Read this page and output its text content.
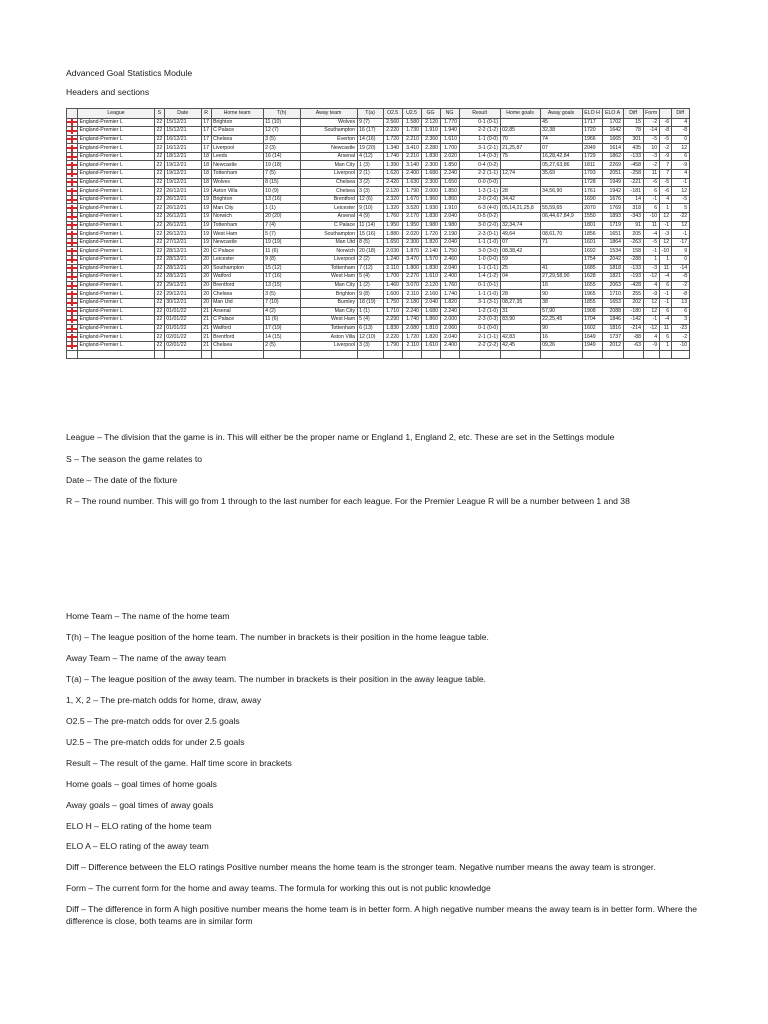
Advanced Goal Statistics Module
Headers and sections
	League	S	Date	R	Home team	T(h)	Away team	T(a)	O2.5	U2.5	GG	NG	Result	Home goals	Away goals	ELO H	ELO A	Diff	Form		Diff

	England-Premier L	22	15/12/21	17	Brighton	11 (10)	Wolves	9 (7)	2.560	1.580	2.120	1.770	0-1 (0-1)		45	1717	1702	15	-2	-6	4

	England-Premier L	22	15/12/21	17	C Palace	12 (7)	Southampton	16 (17)	2.220	1.730	1.910	1.940	2-2 (1-2)	02,85	32,38	1720	1642	78	-14	-8	-8

	England-Premier L	22	16/12/21	17	Chelsea	3 (5)	Everton	14 (16)	1.720	2.210	2.360	1.610	1-1 (0-0)	70	74	1966	1665	301	-5	-5	0

	England-Premier L	22	16/12/21	17	Liverpool	2 (3)	Newcastle	19 (20)	1.340	3.410	2.280	1.700	3-1 (2-1)	21,25,87	07	2049	1614	435	10	-2	12

	England-Premier L	22	18/12/21	18	Leeds	16 (14)	Arsenal	4 (12)	1.740	2.210	1.830	2.020	1-4 (0-3)	75	16,28,42,84	1729	1862	-133	-3	-9	6

	England-Premier L	22	19/12/21	18	Newcastle	19 (18)	Man City	1 (3)	1.390	3.140	2.300	1.850	0-4 (0-2)		05,27,63,86	1811	2269	-458	-2	7	-9

	England-Premier L	22	19/12/21	18	Tottenham	7 (5)	Liverpool	2 (1)	1.620	2.400	1.680	2.240	2-2 (1-1)	12,74	35,69	1793	2051	-258	11	7	4

	England-Premier L	22	19/12/21	18	Wolves	8 (15)	Chelsea	3 (2)	2.420	1.630	2.300	1.650	0-0 (0-0)			1728	1949	-221	-6	-5	-1

	England-Premier L	22	26/12/21	19	Aston Villa	10 (9)	Chelsea	3 (3)	2.120	1.790	2.000	1.850	1-3 (1-1)	28	34,56,90	1761	1942	-181	6	-6	12

	England-Premier L	22	26/12/21	19	Brighton	13 (16)	Brentford	12 (6)	2.320	1.670	1.960	1.860	2-0 (2-0)	34,42		1690	1676	14	-1	4	-5

	England-Premier L	22	26/12/21	19	Man City	1 (1)	Leicester	9 (10)	1.320	3.520	1.930	1.910	6-3 (4-0)	05,14,21,25,8	55,59,65	2070	1769	318	6	1	5

	England-Premier L	22	26/12/21	19	Norwich	20 (20)	Arsenal	4 (9)	1.760	2.170	1.830	2.040	0-5 (0-2)		06,44,67,84,9	1550	1893	-343	-10	12	-22

	England-Premier L	22	26/12/21	19	Tottenham	7 (4)	C Palace	11 (14)	1.950	1.950	1.980	1.980	3-0 (2-0)	32,34,74		1801	1719	91	11	-1	12

	England-Premier L	22	26/12/21	19	West Ham	5 (7)	Southampton	15 (16)	1.880	2.020	1.720	2.190	2-3 (0-1)	49,64	08,61,70	1856	1651	205	-4	-3	-1

	England-Premier L	22	27/12/21	19	Newcastle	19 (19)	Man Utd	8 (5)	1.650	2.300	1.820	2.040	1-1 (1-0)	07	71	1601	1864	-263	-5	12	-17

	England-Premier L	22	28/12/21	20	C Palace	11 (6)	Norwich	20 (18)	2.030	1.870	2.140	1.750	3-0 (3-0)	08,38,42		1692	1534	158	-1	-10	9

	England-Premier L	22	28/12/21	20	Leicester	9 (8)	Liverpool	2 (2)	1.240	3.470	1.570	2.460	1-0 (0-0)	59		1754	2042	-288	1	1	0

	England-Premier L	22	28/12/21	20	Southampton	15 (12)	Tottenham	7 (12)	2.110	1.800	1.830	2.040	1-1 (1-1)	25	41	1685	1818	-133	-3	11	-14

	England-Premier L	22	28/12/21	20	Watford	17 (16)	West Ham	5 (4)	1.700	2.270	1.610	2.400	1-4 (1-2)	04	27,29,58,90	1628	1821	-193	-12	-4	-8

	England-Premier L	22	29/12/21	20	Brentford	13 (15)	Man City	1 (2)	1.460	3.070	2.120	1.760	0-1 (0-1)		16	1655	2063	-428	4	6	-2

	England-Premier L	22	29/12/21	20	Chelsea	3 (5)	Brighton	9 (8)	1.600	2.110	2.160	1.740	1-1 (1-0)	28	90	1965	1710	255	-9	-1	-8

	England-Premier L	22	30/12/21	20	Man Utd	7 (10)	Burnley	18 (19)	1.750	2.180	2.040	1.820	3-1 (3-1)	08,27,35	38	1855	1653	202	12	-1	13

	England-Premier L	22	01/01/22	21	Arsenal	4 (2)	Man City	1 (1)	1.710	2.240	1.680	2.240	1-2 (1-0)	31	57,90	1908	2088	-180	12	6	6

	England-Premier L	22	01/01/22	21	C Palace	11 (6)	West Ham	5 (4)	2.290	1.740	1.860	2.000	2-3 (0-3)	83,90	22,25,45	1704	1846	-142	-1	-4	3

	England-Premier L	22	01/01/22	21	Watford	17 (19)	Tottenham	6 (13)	1.830	2.080	1.810	2.060	0-1 (0-0)		90	1602	1816	-214	-12	11	-23

	England-Premier L	22	02/01/22	21	Brentford	14 (15)	Aston Villa	12 (10)	2.220	1.720	1.820	2.040	2-1 (1-1)	42,83	16	1649	1737	-88	4	6	-2

	England-Premier L	22	02/01/22	21	Chelsea	2 (5)	Liverpool	3 (3)	1.790	2.110	1.610	2.400	2-2 (2-2)	42,45	09,26	1949	2012	-63	-9	1	-10

League – The division that the game is in. This will either be the proper name or England 1, England 2, etc. These are set in the Settings module
S – The season the game relates to
Date – The date of the fixture
R – The round number. This will go from 1 through to the last number for each league. For the Premier League R will be a number between 1 and 38
Home Team – The name of the home team
T(h) – The league position of the home team. The number in brackets is their position in the home league table.
Away Team – The name of the away team
T(a) – The league position of the away team. The number in brackets is their position in the away league table.
1, X, 2 – The pre-match odds for home, draw, away
O2.5 – The pre-match odds for over 2.5 goals
U2.5 – The pre-match odds for under 2.5 goals
Result – The result of the game. Half time score in brackets
Home goals – goal times of home goals
Away goals – goal times of away goals
ELO H – ELO rating of the home team
ELO A – ELO rating of the away team
Diff – Difference between the ELO ratings Positive number means the home team is the stronger team. Negative number means the away team is stronger.
Form – The current form for the home and away teams. The formula for working this out is not public knowledge
Diff – The difference in form A high positive number means the home team is in better form. A high negative number means the away team is in better form. Where the difference is close, both teams are in similar form
